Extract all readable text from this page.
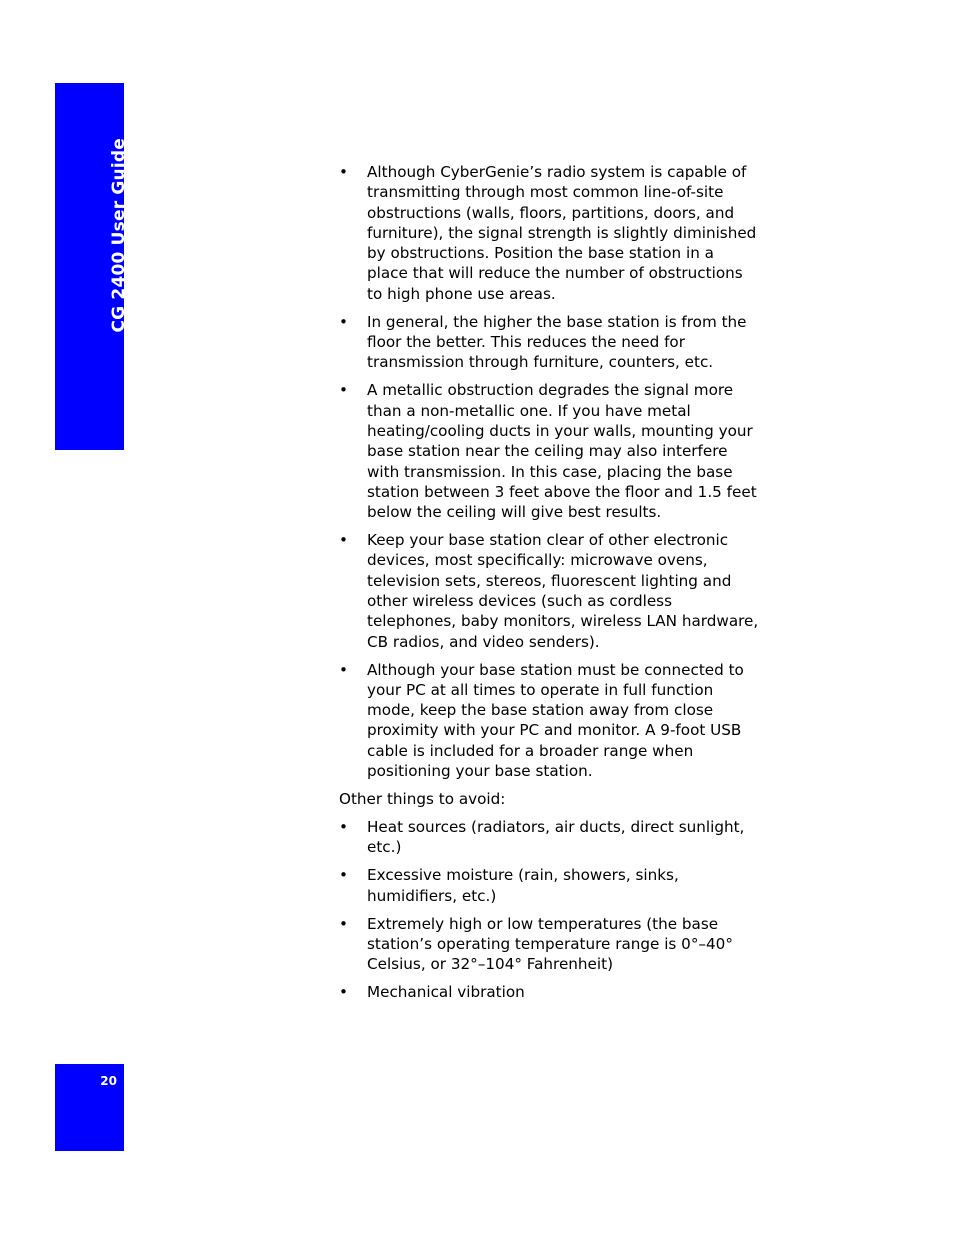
CG 2400 User Guide	•	Although CyberGenie’s radio system is capable of transmitting through most common line-of-site obstructions (walls, floors, partitions, doors, and furniture), the signal strength is slightly diminished by obstructions. Position the base station in a place that will reduce the number of obstructions to high phone use areas.
•	In general, the higher the base station is from the floor the better. This reduces the need for transmission through furniture, counters, etc.
•	A metallic obstruction degrades the signal more than a non-metallic one. If you have metal heating/cooling ducts in your walls, mounting your base station near the ceiling may also interfere with transmission. In this case, placing the base station between 3 feet above the floor and 1.5 feet below the ceiling will give best results.
•	Keep your base station clear of other electronic devices, most specifically: microwave ovens, television sets, stereos, fluorescent lighting and other wireless devices (such as cordless telephones, baby monitors, wireless LAN hardware, CB radios, and video senders).
•	Although your base station must be connected to your PC at all times to operate in full function mode, keep the base station away from close proximity with your PC and monitor. A 9-foot USB cable is included for a broader range when positioning your base station.

Other things to avoid:

•	Heat sources (radiators, air ducts, direct sunlight, etc.)
•	Excessive moisture (rain, showers, sinks, humidifiers, etc.)
•	Extremely high or low temperatures (the base station’s operating temperature range is 0°–40° Celsius, or 32°–104° Fahrenheit)
•	Mechanical vibration
20
